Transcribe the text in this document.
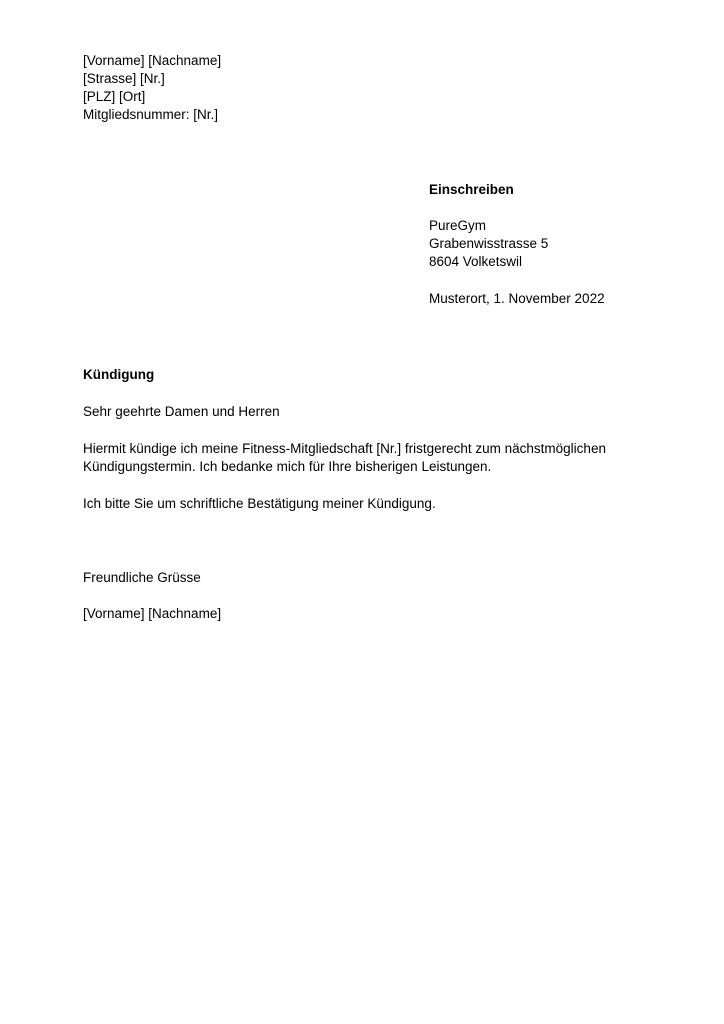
[Vorname] [Nachname]
[Strasse] [Nr.]
[PLZ] [Ort]
Mitgliedsnummer: [Nr.]
Einschreiben
PureGym
Grabenwisstrasse 5
8604 Volketswil
Musterort, 1. November 2022
Kündigung
Sehr geehrte Damen und Herren
Hiermit kündige ich meine Fitness-Mitgliedschaft [Nr.] fristgerecht zum nächstmöglichen
Kündigungstermin. Ich bedanke mich für Ihre bisherigen Leistungen.
Ich bitte Sie um schriftliche Bestätigung meiner Kündigung.
Freundliche Grüsse
[Vorname] [Nachname]
